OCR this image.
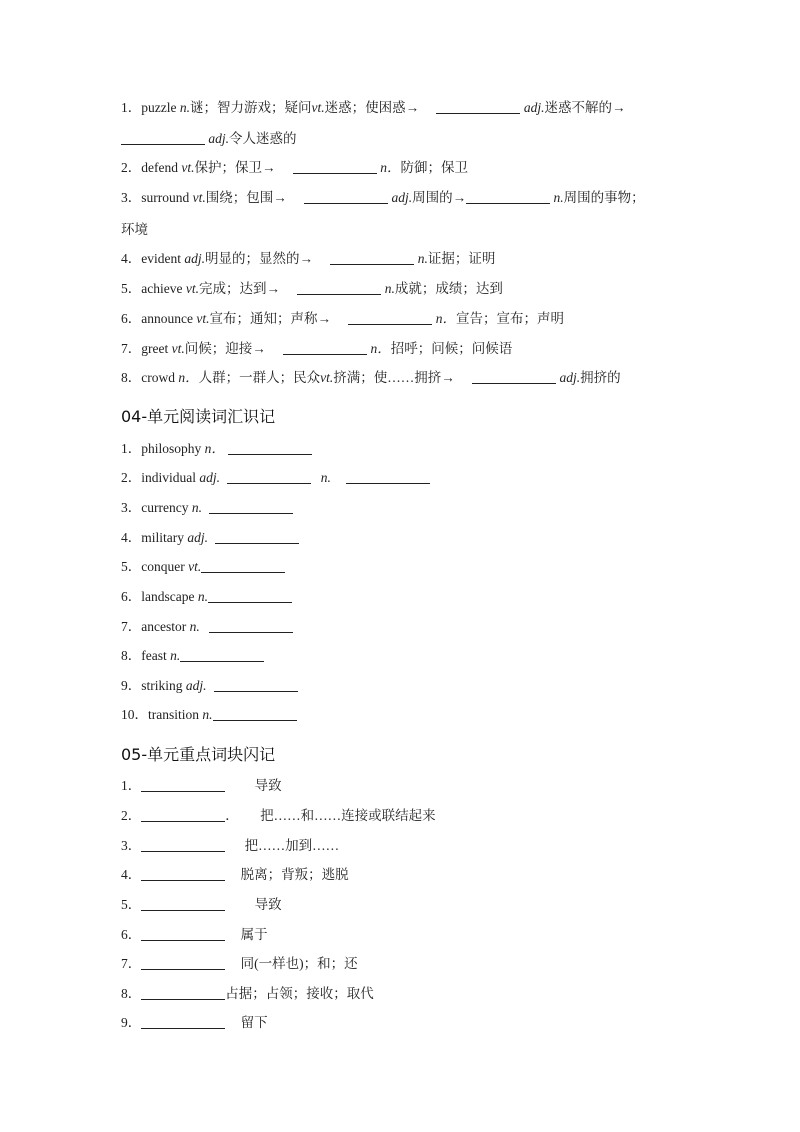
1．puzzle n.谜；智力游戏；疑问vt.迷惑；使困惑→	adj.迷惑不解的→
adj.令人迷惑的
2．defend vt.保护；保卫→	n．防御；保卫
3．surround vt.围绕；包围→	adj.周围的→	n.周围的事物；
环境
4．evident adj.明显的；显然的→	n.证据；证明
5．achieve vt.完成；达到→	n.成就；成绩；达到
6．announce vt.宣布；通知；声称→	n．宣告；宣布；声明
7．greet vt.问候；迎接→	n．招呼；问候；问候语
8．crowd n．人群；一群人；民众vt.挤满；使……拥挤→	adj.拥挤的
04-单元阅读词汇识记
1．philosophy n．
2．individual adj.	n.
3．currency n.
4．military adj.
5．conquer vt.
6．landscape n.
7．ancestor n.
8．feast n.
9．striking adj.
10．transition n.
05-单元重点词块闪记
1．	导致
2．	． 把……和……连接或联结起来
3．	把……加到……
4．	脱离；背叛；逃脱
5．	导致
6．	属于
7．	同(一样也)；和；还
8．	占据；占领；接收；取代
9．	留下
